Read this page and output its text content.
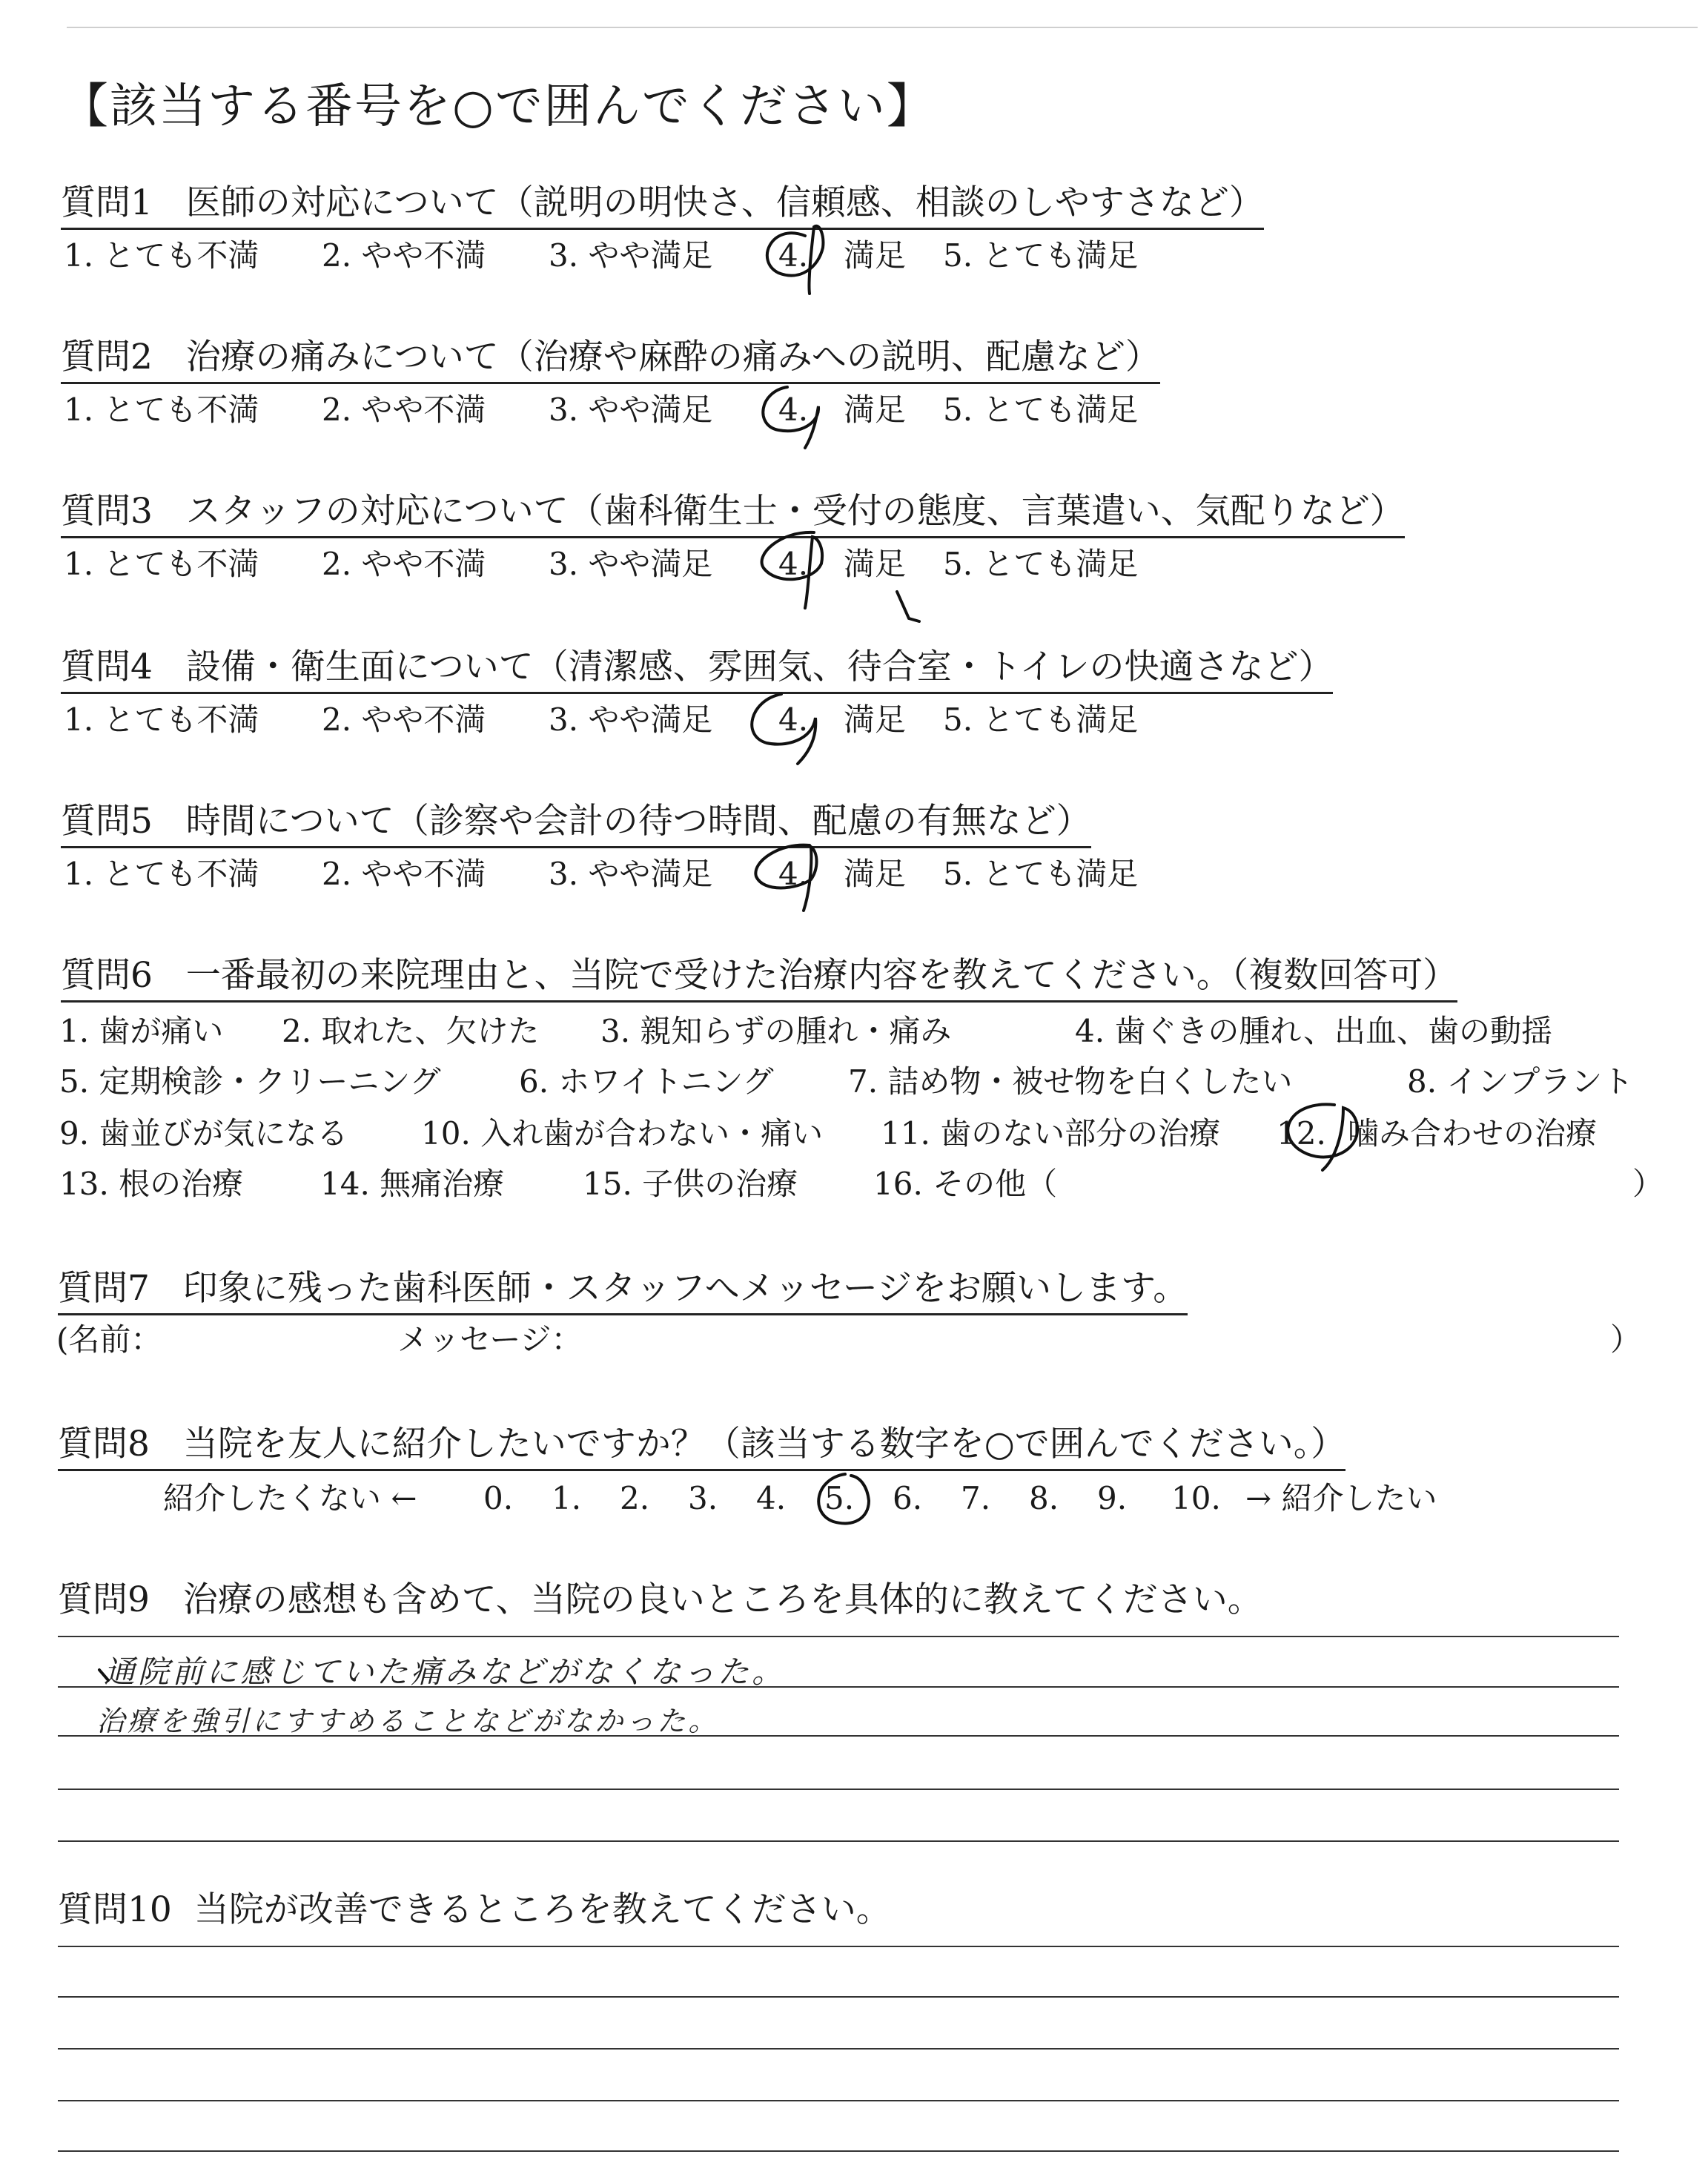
【該当する番号を○で囲んでください】
質問1 医師の対応について（説明の明快さ、信頼感、相談のしやすさなど）
1. とても不満 2. やや不満 3. やや満足 4. 満足 5. とても満足
質問2 治療の痛みについて（治療や麻酔の痛みへの説明、配慮など）
1. とても不満 2. やや不満 3. やや満足 4. 満足 5. とても満足
質問3 スタッフの対応について（歯科衛生士・受付の態度、言葉遣い、気配りなど）
1. とても不満 2. やや不満 3. やや満足 4. 満足 5. とても満足
質問4 設備・衛生面について（清潔感、雰囲気、待合室・トイレの快適さなど）
1. とても不満 2. やや不満 3. やや満足 4. 満足 5. とても満足
質問5 時間について（診察や会計の待つ時間、配慮の有無など）
1. とても不満 2. やや不満 3. やや満足 4. 満足 5. とても満足
質問6 一番最初の来院理由と、当院で受けた治療内容を教えてください。（複数回答可）
1. 歯が痛い 2. 取れた、欠けた 3. 親知らずの腫れ・痛み	4. 歯ぐきの腫れ、出血、歯の動揺
5. 定期検診・クリーニング	6. ホワイトニング 7. 詰め物・被せ物を白くしたい	8. インプラント
9. 歯並びが気になる 10. 入れ歯が合わない・痛い 11. 歯のない部分の治療 12. 噛み合わせの治療
13. 根の治療 14. 無痛治療	15. 子供の治療 16. その他（	）
質問7 印象に残った歯科医師・スタッフへメッセージをお願いします。
(名前：	メッセージ：	）
質問8 当院を友人に紹介したいですか？（該当する数字を○で囲んでください。）
紹介したくない ← 0. 1. 2. 3. 4. 5. 6. 7. 8. 9. 10. → 紹介したい
質問9 治療の感想も含めて、当院の良いところを具体的に教えてください。
通院前に感じていた痛みなどがなくなった。
治療を強引にすすめることなどがなかった。
質問10 当院が改善できるところを教えてください。
